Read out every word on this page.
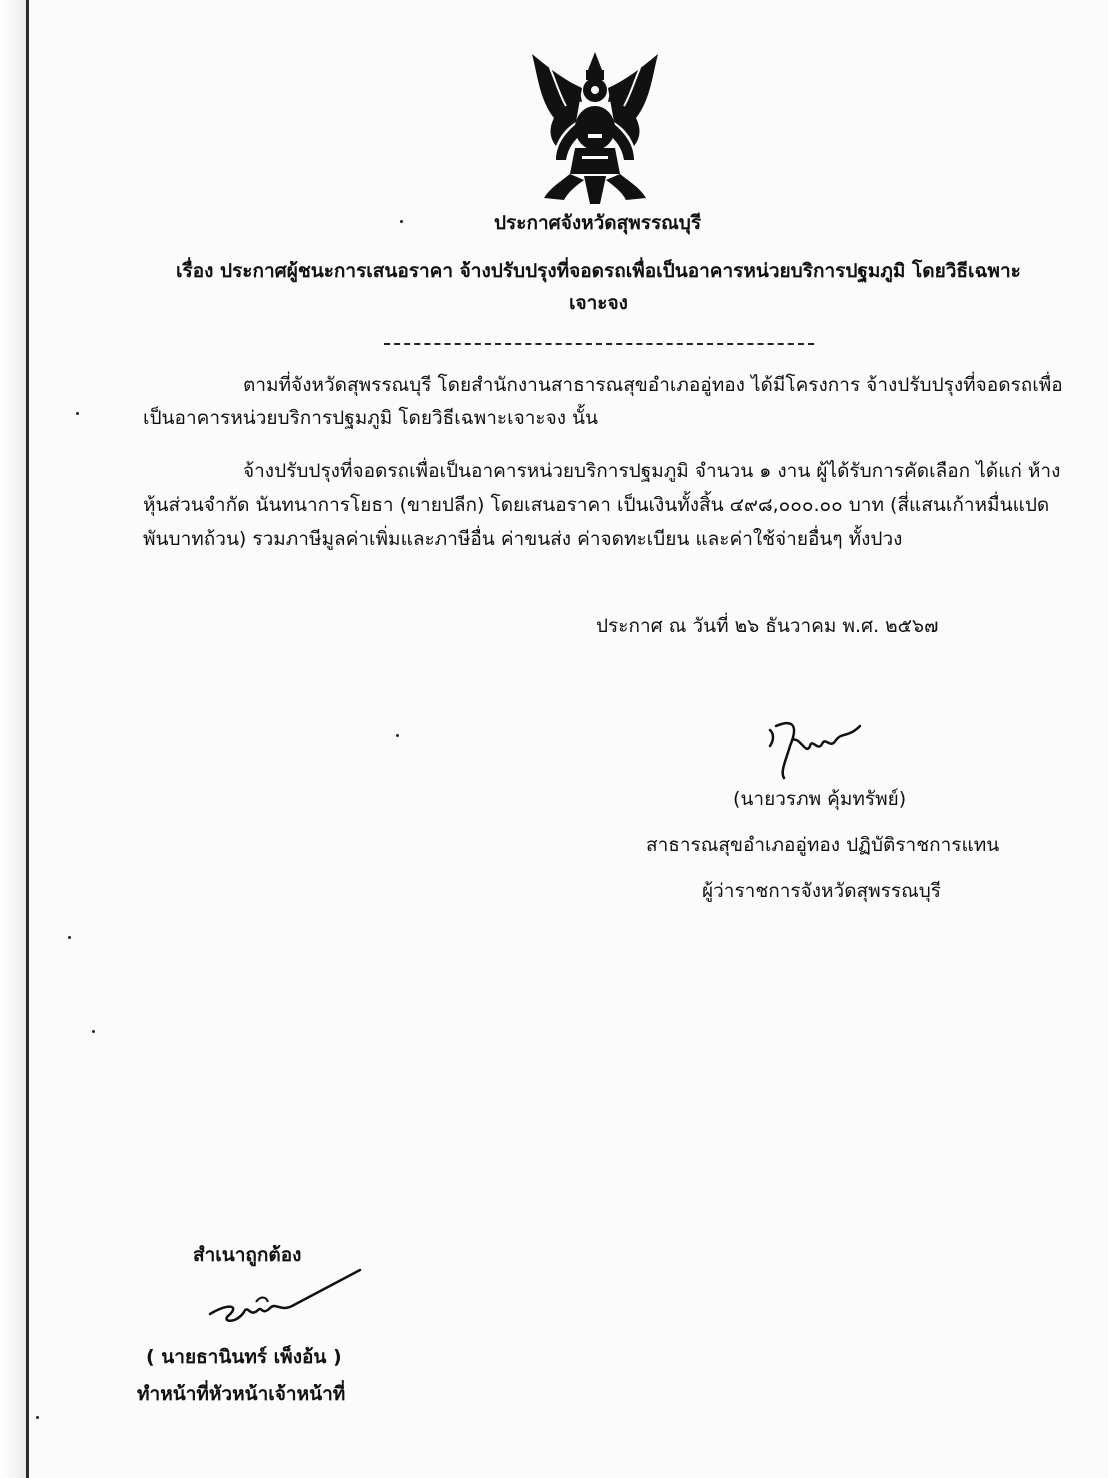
ประกาศจังหวัดสุพรรณบุรี
เรื่อง ประกาศผู้ชนะการเสนอราคา จ้างปรับปรุงที่จอดรถเพื่อเป็นอาคารหน่วยบริการปฐมภูมิ โดยวิธีเฉพาะ
เจาะจง
ตามที่จังหวัดสุพรรณบุรี โดยสำนักงานสาธารณสุขอำเภออู่ทอง ได้มีโครงการ จ้างปรับปรุงที่จอดรถเพื่อ
เป็นอาคารหน่วยบริการปฐมภูมิ โดยวิธีเฉพาะเจาะจง นั้น
จ้างปรับปรุงที่จอดรถเพื่อเป็นอาคารหน่วยบริการปฐมภูมิ จำนวน ๑ งาน ผู้ได้รับการคัดเลือก ได้แก่ ห้าง
หุ้นส่วนจำกัด นันทนาการโยธา (ขายปลีก) โดยเสนอราคา เป็นเงินทั้งสิ้น ๔๙๘,๐๐๐.๐๐ บาท (สี่แสนเก้าหมื่นแปด
พันบาทถ้วน) รวมภาษีมูลค่าเพิ่มและภาษีอื่น ค่าขนส่ง ค่าจดทะเบียน และค่าใช้จ่ายอื่นๆ ทั้งปวง
ประกาศ ณ วันที่ ๒๖ ธันวาคม พ.ศ. ๒๕๖๗
(นายวรภพ คุ้มทรัพย์)
สาธารณสุขอำเภออู่ทอง ปฏิบัติราชการแทน
ผู้ว่าราชการจังหวัดสุพรรณบุรี
สำเนาถูกต้อง
( นายธานินทร์ เพ็งอ้น )
ทำหน้าที่หัวหน้าเจ้าหน้าที่
